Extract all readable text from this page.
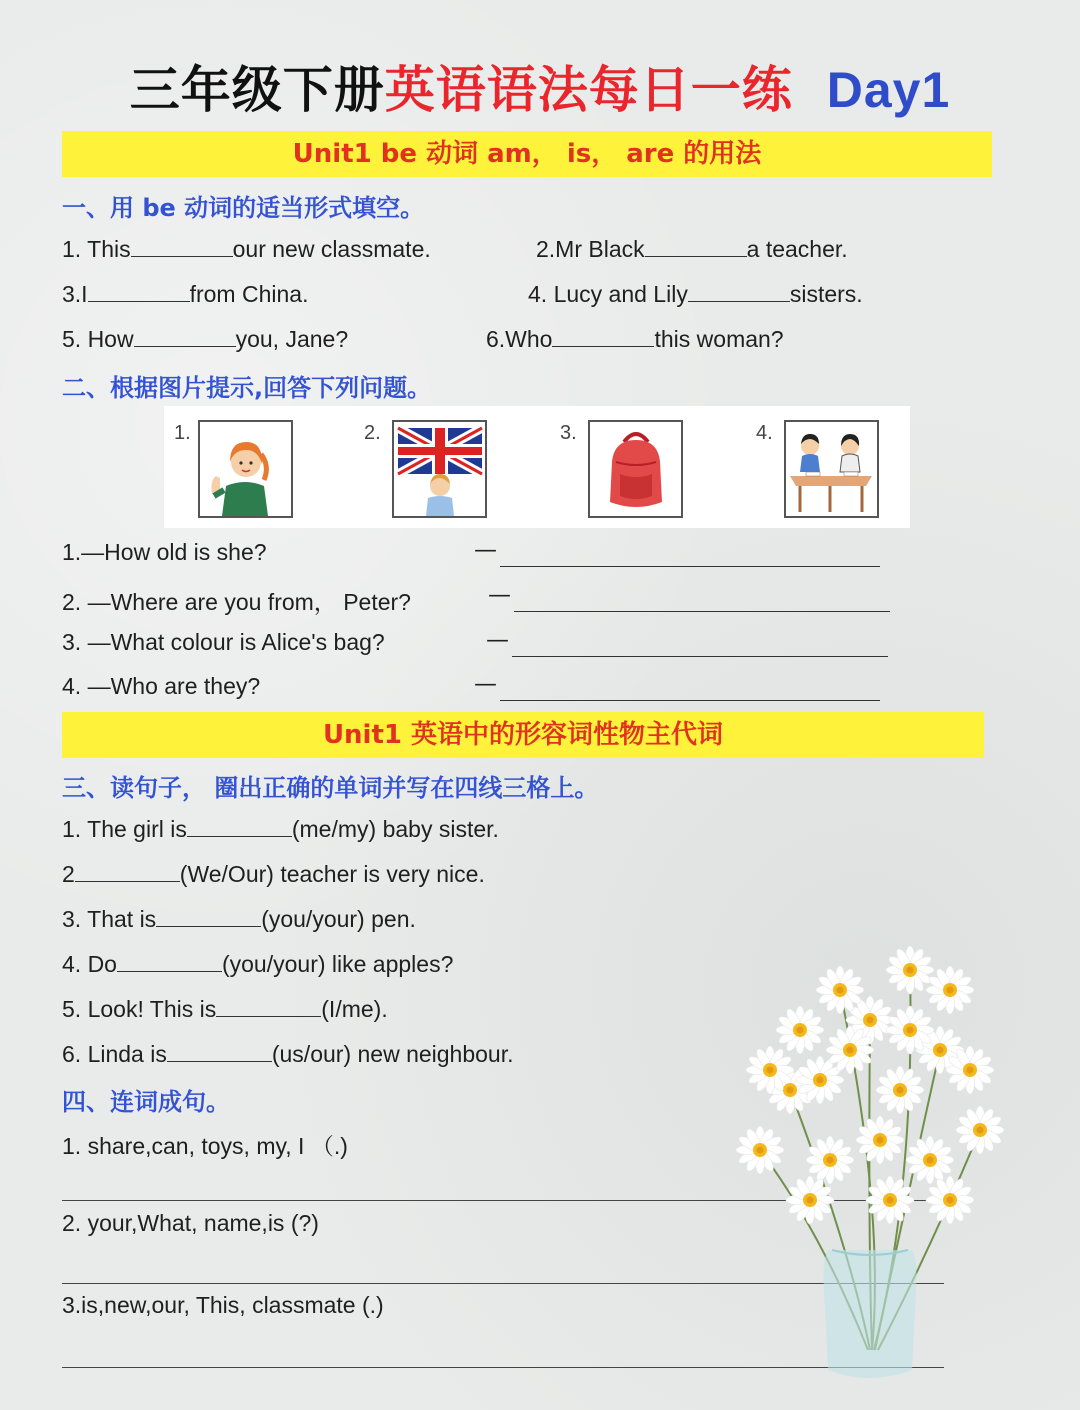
三年级下册英语语法每日一练 Day1
Unit1 be 动词 am， is， are 的用法
一、用 be 动词的适当形式填空。
1. This	our new classmate.	2.Mr Black	a teacher.
3.I	from China.	4. Lucy and Lily	sisters.
5. How	you, Jane?	6.Who	this woman?
二、根据图片提示,回答下列问题。
1.	2.	3.	4.
1.—How old is she?	—
2. —Where are you from， Peter?	—
3. —What colour is Alice's bag?	—
4. —Who are they?	—
Unit1 英语中的形容词性物主代词
三、读句子， 圈出正确的单词并写在四线三格上。
1. The girl is	(me/my) baby sister.
2	(We/Our) teacher is very nice.
3. That is	(you/your) pen.
4. Do	(you/your) like apples?
5. Look! This is	(I/me).
6. Linda is	(us/our) new neighbour.
四、连词成句。
1. share,can, toys, my, I （.)
2. your,What, name,is (?)
3.is,new,our, This, classmate (.)
